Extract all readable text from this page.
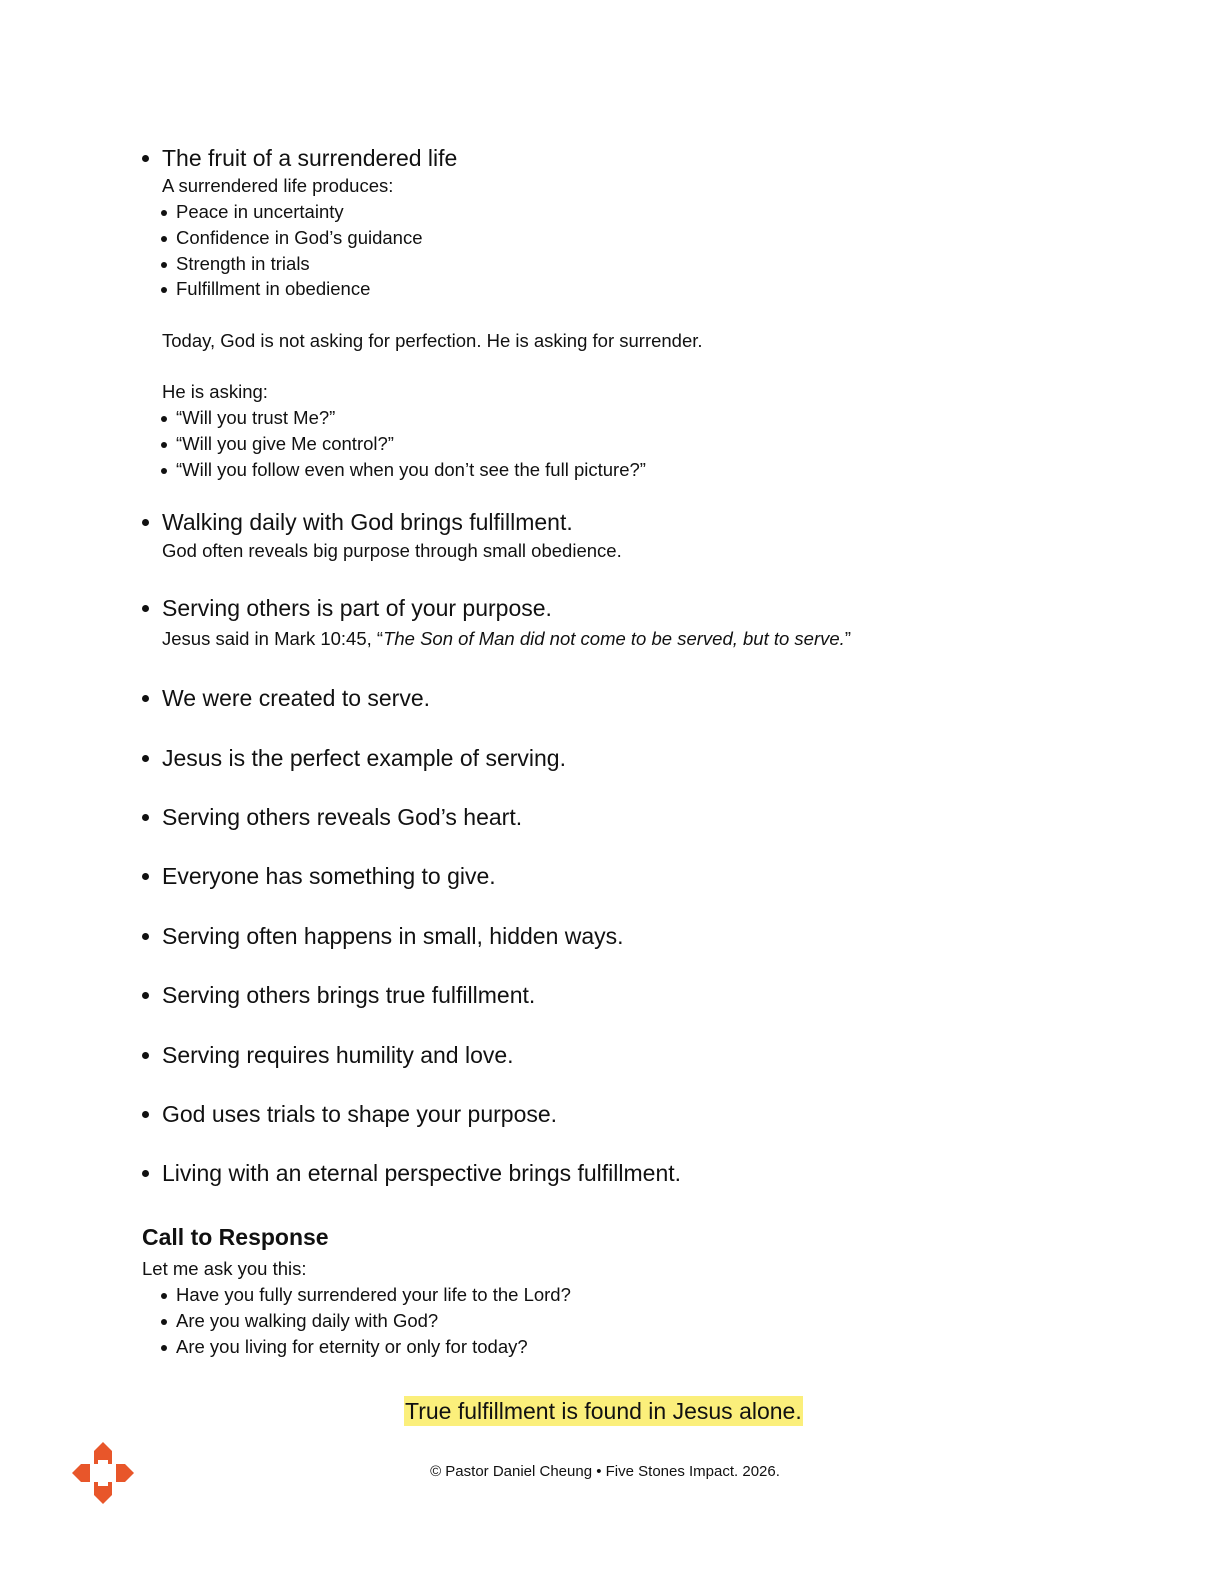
The fruit of a surrendered life
A surrendered life produces:
Peace in uncertainty
Confidence in God’s guidance
Strength in trials
Fulfillment in obedience
Today, God is not asking for perfection. He is asking for surrender.
He is asking:
“Will you trust Me?”
“Will you give Me control?”
“Will you follow even when you don’t see the full picture?”
Walking daily with God brings fulfillment.
God often reveals big purpose through small obedience.
Serving others is part of your purpose.
Jesus said in Mark 10:45, “The Son of Man did not come to be served, but to serve.”
We were created to serve.
Jesus is the perfect example of serving.
Serving others reveals God’s heart.
Everyone has something to give.
Serving often happens in small, hidden ways.
Serving others brings true fulfillment.
Serving requires humility and love.
God uses trials to shape your purpose.
Living with an eternal perspective brings fulfillment.
Call to Response
Let me ask you this:
Have you fully surrendered your life to the Lord?
Are you walking daily with God?
Are you living for eternity or only for today?
True fulfillment is found in Jesus alone.
© Pastor Daniel Cheung • Five Stones Impact. 2026.
